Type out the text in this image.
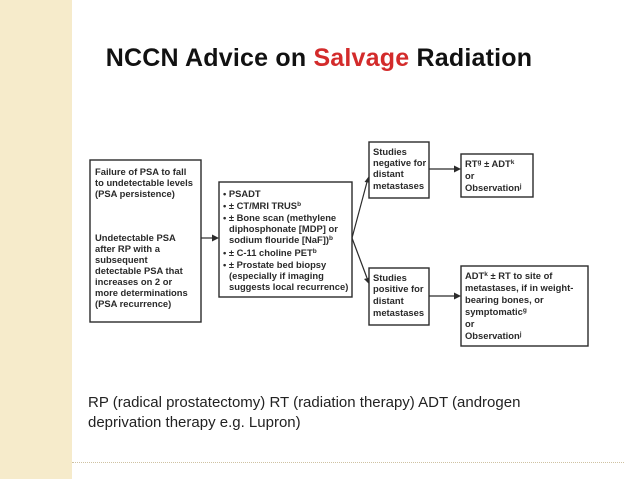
NCCN Advice on Salvage Radiation
Failure of PSA to fall
to undetectable levels
(PSA persistence)
Undetectable PSA
after RP with a
subsequent
detectable PSA that
increases on 2 or
more determinations
(PSA recurrence)
• PSADT
• ± CT/MRI TRUS$^b$
• ± Bone scan (methylene
diphosphonate [MDP] or
sodium flouride [NaF])$^b$
• ± C-11 choline PET$^b$
• ± Prostate bed biopsy
(especially if imaging
suggests local recurrence)
Studies
negative for
distant
metastases
Studies
positive for
distant
metastases
$RT^g \pm ADT^k$
or
Observation$^j$
$ADT^k$ ± RT to site of
metastases, if in weight-
bearing bones, or
symptomatic$^g$
or
Observation$^j$
RP (radical prostatectomy) RT (radiation therapy) ADT (androgen
deprivation therapy e.g. Lupron)
